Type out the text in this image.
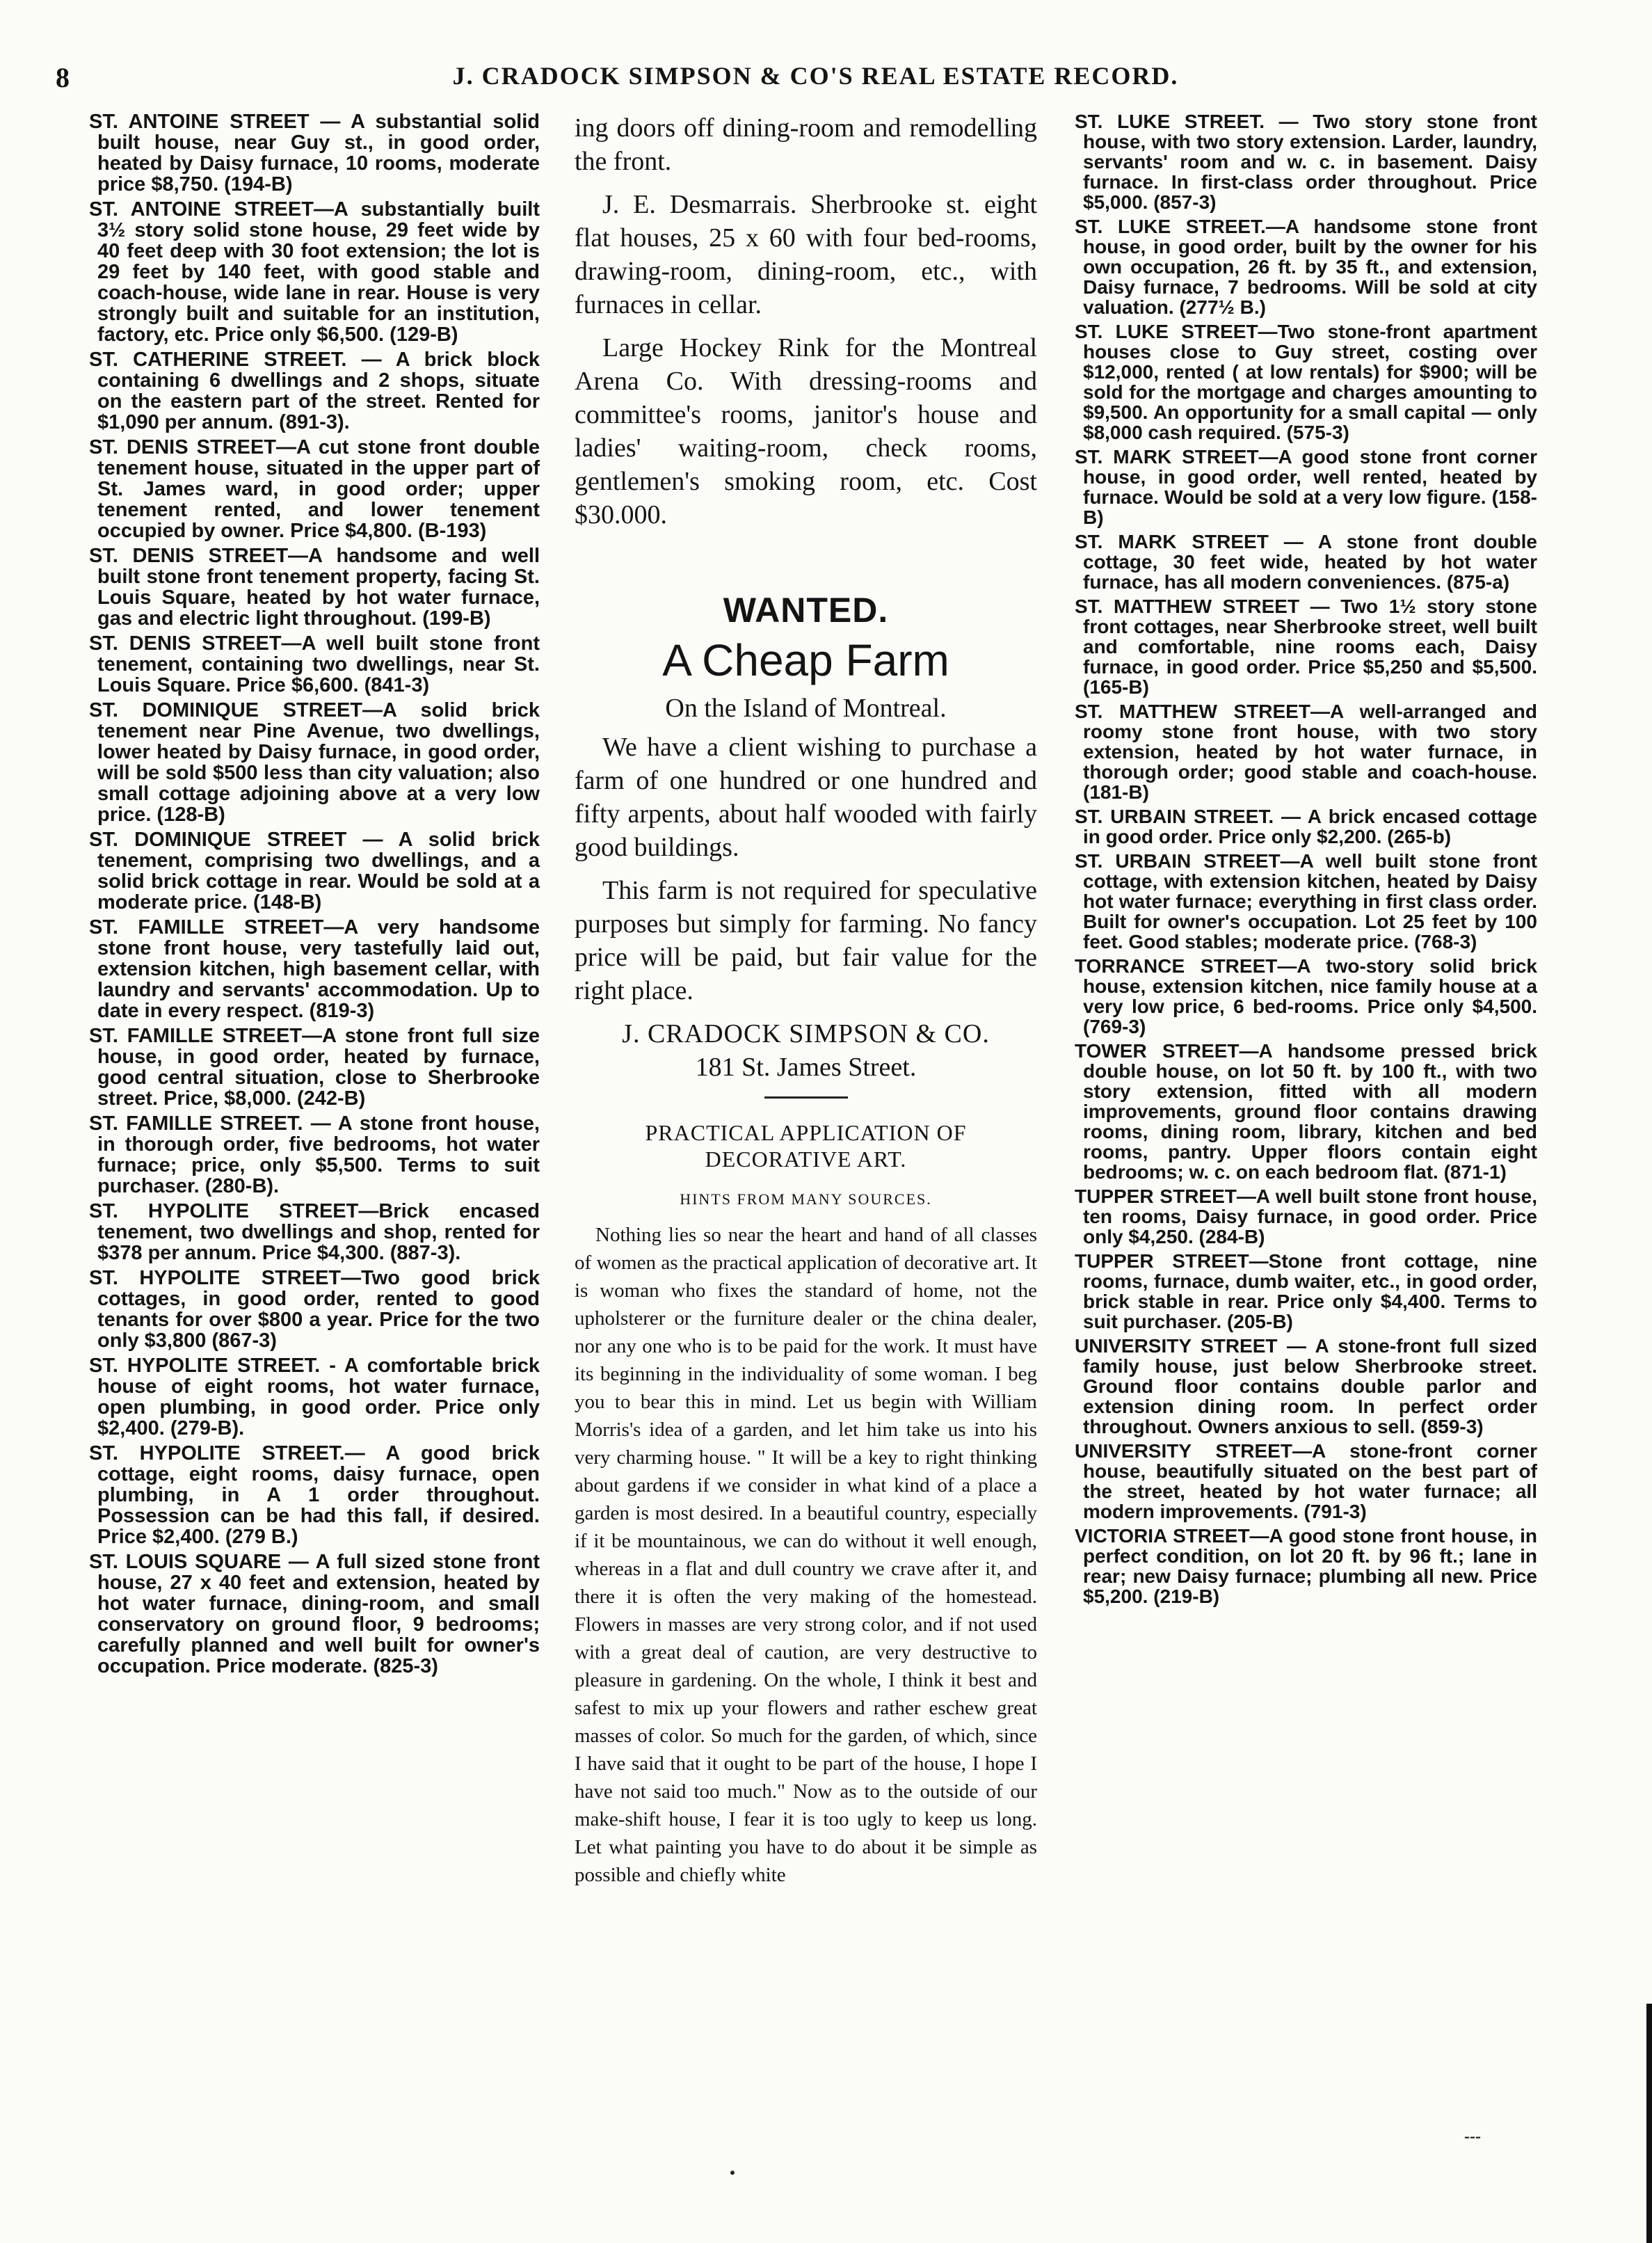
8	J. CRADOCK SIMPSON & CO'S REAL ESTATE RECORD.

ST. ANTOINE STREET — A substantial solid built house, near Guy st., in good order, heated by Daisy furnace, 10 rooms, moderate price $8,750. (194-B)

ST. ANTOINE STREET—A substantially built 3½ story solid stone house, 29 feet wide by 40 feet deep with 30 foot extension; the lot is 29 feet by 140 feet, with good stable and coach-house, wide lane in rear. House is very strongly built and suitable for an institution, factory, etc. Price only $6,500. (129-B)

ST. CATHERINE STREET. — A brick block containing 6 dwellings and 2 shops, situate on the eastern part of the street. Rented for $1,090 per annum. (891-3).

ST. DENIS STREET—A cut stone front double tenement house, situated in the upper part of St. James ward, in good order; upper tenement rented, and lower tenement occupied by owner. Price $4,800. (B-193)

ST. DENIS STREET—A handsome and well built stone front tenement property, facing St. Louis Square, heated by hot water furnace, gas and electric light throughout. (199-B)

ST. DENIS STREET—A well built stone front tenement, containing two dwellings, near St. Louis Square. Price $6,600. (841-3)

ST. DOMINIQUE STREET—A solid brick tenement near Pine Avenue, two dwellings, lower heated by Daisy furnace, in good order, will be sold $500 less than city valuation; also small cottage adjoining above at a very low price. (128-B)

ST. DOMINIQUE STREET — A solid brick tenement, comprising two dwellings, and a solid brick cottage in rear. Would be sold at a moderate price. (148-B)

ST. FAMILLE STREET—A very handsome stone front house, very tastefully laid out, extension kitchen, high basement cellar, with laundry and servants' accommodation. Up to date in every respect. (819-3)

ST. FAMILLE STREET—A stone front full size house, in good order, heated by furnace, good central situation, close to Sherbrooke street. Price, $8,000. (242-B)

ST. FAMILLE STREET. — A stone front house, in thorough order, five bedrooms, hot water furnace; price, only $5,500. Terms to suit purchaser. (280-B).

ST. HYPOLITE STREET—Brick encased tenement, two dwellings and shop, rented for $378 per annum. Price $4,300. (887-3).

ST. HYPOLITE STREET—Two good brick cottages, in good order, rented to good tenants for over $800 a year. Price for the two only $3,800 (867-3)

ST. HYPOLITE STREET. - A comfortable brick house of eight rooms, hot water furnace, open plumbing, in good order. Price only $2,400. (279-B).

ST. HYPOLITE STREET.— A good brick cottage, eight rooms, daisy furnace, open plumbing, in A 1 order throughout. Possession can be had this fall, if desired. Price $2,400. (279 B.)

ST. LOUIS SQUARE — A full sized stone front house, 27 x 40 feet and extension, heated by hot water furnace, dining-room, and small conservatory on ground floor, 9 bedrooms; carefully planned and well built for owner's occupation. Price moderate. (825-3)

ing doors off dining-room and remodelling the front.

J. E. Desmarrais. Sherbrooke st. eight flat houses, 25 x 60 with four bed-rooms, drawing-room, dining-room, etc., with furnaces in cellar.

Large Hockey Rink for the Montreal Arena Co. With dressing-rooms and committee's rooms, janitor's house and ladies' waiting-room, check rooms, gentlemen's smoking room, etc. Cost $30.000.

WANTED.
A Cheap Farm
On the Island of Montreal.

We have a client wishing to purchase a farm of one hundred or one hundred and fifty arpents, about half wooded with fairly good buildings.

This farm is not required for speculative purposes but simply for farming. No fancy price will be paid, but fair value for the right place.

J. CRADOCK SIMPSON & CO.
181 St. James Street.
PRACTICAL APPLICATION OF DECORATIVE ART.
HINTS FROM MANY SOURCES.

Nothing lies so near the heart and hand of all classes of women as the practical application of decorative art. It is woman who fixes the standard of home, not the upholsterer or the furniture dealer or the china dealer, nor any one who is to be paid for the work. It must have its beginning in the individuality of some woman. I beg you to bear this in mind. Let us begin with William Morris's idea of a garden, and let him take us into his very charming house. " It will be a key to right thinking about gardens if we consider in what kind of a place a garden is most desired. In a beautiful country, especially if it be mountainous, we can do without it well enough, whereas in a flat and dull country we crave after it, and there it is often the very making of the homestead. Flowers in masses are very strong color, and if not used with a great deal of caution, are very destructive to pleasure in gardening. On the whole, I think it best and safest to mix up your flowers and rather eschew great masses of color. So much for the garden, of which, since I have said that it ought to be part of the house, I hope I have not said too much." Now as to the outside of our make-shift house, I fear it is too ugly to keep us long. Let what painting you have to do about it be simple as possible and chiefly white

ST. LUKE STREET. — Two story stone front house, with two story extension. Larder, laundry, servants' room and w. c. in basement. Daisy furnace. In first-class order throughout. Price $5,000. (857-3)

ST. LUKE STREET.—A handsome stone front house, in good order, built by the owner for his own occupation, 26 ft. by 35 ft., and extension, Daisy furnace, 7 bedrooms. Will be sold at city valuation. (277½ B.)

ST. LUKE STREET—Two stone-front apartment houses close to Guy street, costing over $12,000, rented ( at low rentals) for $900; will be sold for the mortgage and charges amounting to $9,500. An opportunity for a small capital — only $8,000 cash required. (575-3)

ST. MARK STREET—A good stone front corner house, in good order, well rented, heated by furnace. Would be sold at a very low figure. (158-B)

ST. MARK STREET — A stone front double cottage, 30 feet wide, heated by hot water furnace, has all modern conveniences. (875-a)

ST. MATTHEW STREET — Two 1½ story stone front cottages, near Sherbrooke street, well built and comfortable, nine rooms each, Daisy furnace, in good order. Price $5,250 and $5,500. (165-B)

ST. MATTHEW STREET—A well-arranged and roomy stone front house, with two story extension, heated by hot water furnace, in thorough order; good stable and coach-house. (181-B)

ST. URBAIN STREET. — A brick encased cottage in good order. Price only $2,200. (265-b)

ST. URBAIN STREET—A well built stone front cottage, with extension kitchen, heated by Daisy hot water furnace; everything in first class order. Built for owner's occupation. Lot 25 feet by 100 feet. Good stables; moderate price. (768-3)

TORRANCE STREET—A two-story solid brick house, extension kitchen, nice family house at a very low price, 6 bed-rooms. Price only $4,500. (769-3)

TOWER STREET—A handsome pressed brick double house, on lot 50 ft. by 100 ft., with two story extension, fitted with all modern improvements, ground floor contains drawing rooms, dining room, library, kitchen and bed rooms, pantry. Upper floors contain eight bedrooms; w. c. on each bedroom flat. (871-1)

TUPPER STREET—A well built stone front house, ten rooms, Daisy furnace, in good order. Price only $4,250. (284-B)

TUPPER STREET—Stone front cottage, nine rooms, furnace, dumb waiter, etc., in good order, brick stable in rear. Price only $4,400. Terms to suit purchaser. (205-B)

UNIVERSITY STREET — A stone-front full sized family house, just below Sherbrooke street. Ground floor contains double parlor and extension dining room. In perfect order throughout. Owners anxious to sell. (859-3)

UNIVERSITY STREET—A stone-front corner house, beautifully situated on the best part of the street, heated by hot water furnace; all modern improvements. (791-3)

VICTORIA STREET—A good stone front house, in perfect condition, on lot 20 ft. by 96 ft.; lane in rear; new Daisy furnace; plumbing all new. Price $5,200. (219-B)

---
